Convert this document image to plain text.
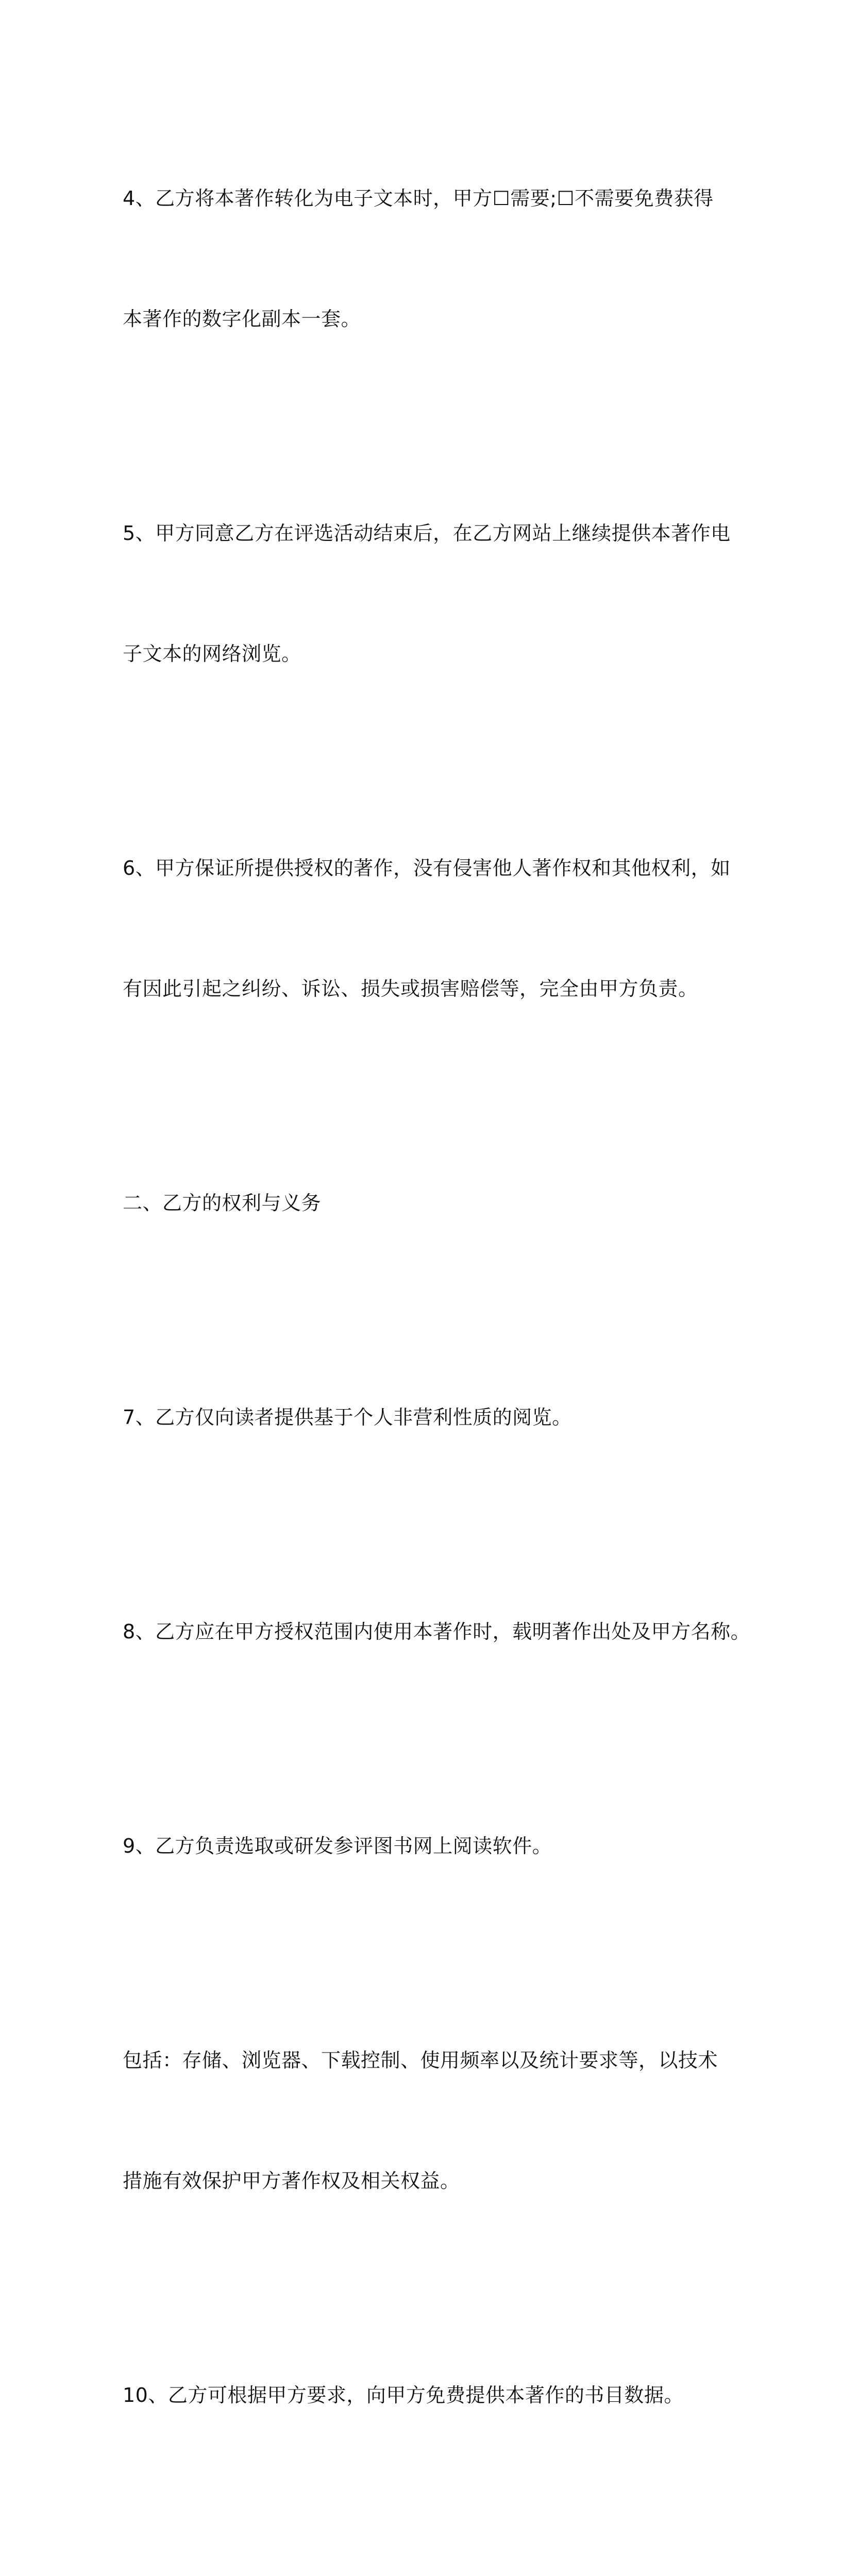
4、乙方将本著作转化为电子文本时，甲方☐需要;☐不需要免费获得

本著作的数字化副本一套。

5、甲方同意乙方在评选活动结束后，在乙方网站上继续提供本著作电

子文本的网络浏览。

6、甲方保证所提供授权的著作，没有侵害他人著作权和其他权利，如

有因此引起之纠纷、诉讼、损失或损害赔偿等，完全由甲方负责。

二、乙方的权利与义务

7、乙方仅向读者提供基于个人非营利性质的阅览。

8、乙方应在甲方授权范围内使用本著作时，载明著作出处及甲方名称。

9、乙方负责选取或研发参评图书网上阅读软件。

包括：存储、浏览器、下载控制、使用频率以及统计要求等，以技术

措施有效保护甲方著作权及相关权益。

10、乙方可根据甲方要求，向甲方免费提供本著作的书目数据。
